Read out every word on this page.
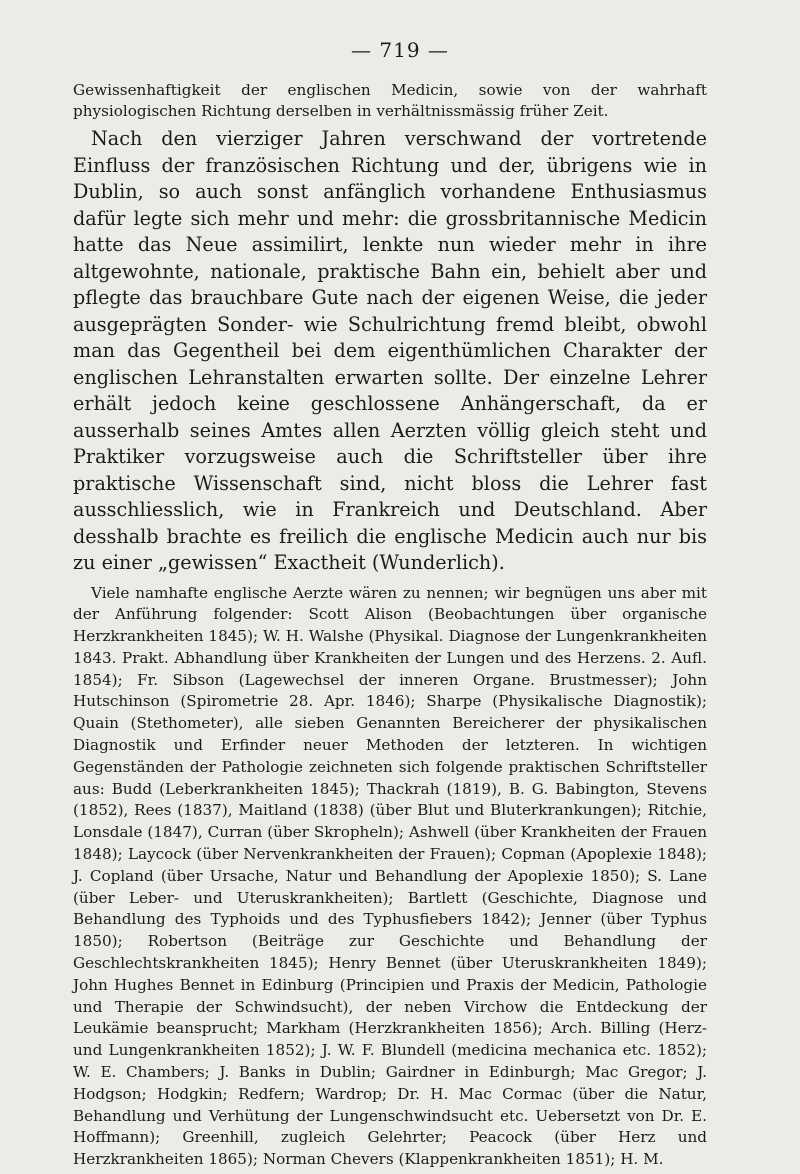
— 719 —

Gewissenhaftigkeit der englischen Medicin, sowie von der wahrhaft physiologischen Richtung derselben in verhältnissmässig früher Zeit.

Nach den vierziger Jahren verschwand der vortretende Einfluss der französischen Richtung und der, übrigens wie in Dublin, so auch sonst anfänglich vorhandene Enthusiasmus dafür legte sich mehr und mehr: die grossbritannische Medicin hatte das Neue assimilirt, lenkte nun wieder mehr in ihre altgewohnte, nationale, praktische Bahn ein, behielt aber und pflegte das brauchbare Gute nach der eigenen Weise, die jeder ausgeprägten Sonder- wie Schulrichtung fremd bleibt, obwohl man das Gegentheil bei dem eigenthümlichen Charakter der englischen Lehranstalten erwarten sollte. Der einzelne Lehrer erhält jedoch keine geschlossene Anhängerschaft, da er ausserhalb seines Amtes allen Aerzten völlig gleich steht und Praktiker vorzugsweise auch die Schriftsteller über ihre praktische Wissenschaft sind, nicht bloss die Lehrer fast ausschliesslich, wie in Frankreich und Deutschland. Aber desshalb brachte es freilich die englische Medicin auch nur bis zu einer „gewissen“ Exactheit (Wunderlich).

Viele namhafte englische Aerzte wären zu nennen; wir begnügen uns aber mit der Anführung folgender: Scott Alison (Beobachtungen über organische Herzkrankheiten 1845); W. H. Walshe (Physikal. Diagnose der Lungenkrankheiten 1843. Prakt. Abhandlung über Krankheiten der Lungen und des Herzens. 2. Aufl. 1854); Fr. Sibson (Lagewechsel der inneren Organe. Brustmesser); John Hutschinson (Spirometrie 28. Apr. 1846); Sharpe (Physikalische Diagnostik); Quain (Stethometer), alle sieben Genannten Bereicherer der physikalischen Diagnostik und Erfinder neuer Methoden der letzteren. In wichtigen Gegenständen der Pathologie zeichneten sich folgende praktischen Schriftsteller aus: Budd (Leberkrankheiten 1845); Thackrah (1819), B. G. Babington, Stevens (1852), Rees (1837), Maitland (1838) (über Blut und Bluterkrankungen); Ritchie, Lonsdale (1847), Curran (über Skropheln); Ashwell (über Krankheiten der Frauen 1848); Laycock (über Nervenkrankheiten der Frauen); Copman (Apoplexie 1848); J. Copland (über Ursache, Natur und Behandlung der Apoplexie 1850); S. Lane (über Leber- und Uteruskrankheiten); Bartlett (Geschichte, Diagnose und Behandlung des Typhoids und des Typhusfiebers 1842); Jenner (über Typhus 1850); Robertson (Beiträge zur Geschichte und Behandlung der Geschlechtskrankheiten 1845); Henry Bennet (über Uteruskrankheiten 1849); John Hughes Bennet in Edinburg (Principien und Praxis der Medicin, Pathologie und Therapie der Schwindsucht), der neben Virchow die Entdeckung der Leukämie beansprucht; Markham (Herzkrankheiten 1856); Arch. Billing (Herz- und Lungenkrankheiten 1852); J. W. F. Blundell (medicina mechanica etc. 1852); W. E. Chambers; J. Banks in Dublin; Gairdner in Edinburgh; Mac Gregor; J. Hodgson; Hodgkin; Redfern; Wardrop; Dr. H. Mac Cormac (über die Natur, Behandlung und Verhütung der Lungenschwindsucht etc. Uebersetzt von Dr. E. Hoffmann); Greenhill, zugleich Gelehrter; Peacock (über Herz und Herzkrankheiten 1865); Norman Chevers (Klappenkrankheiten 1851); H. M.
